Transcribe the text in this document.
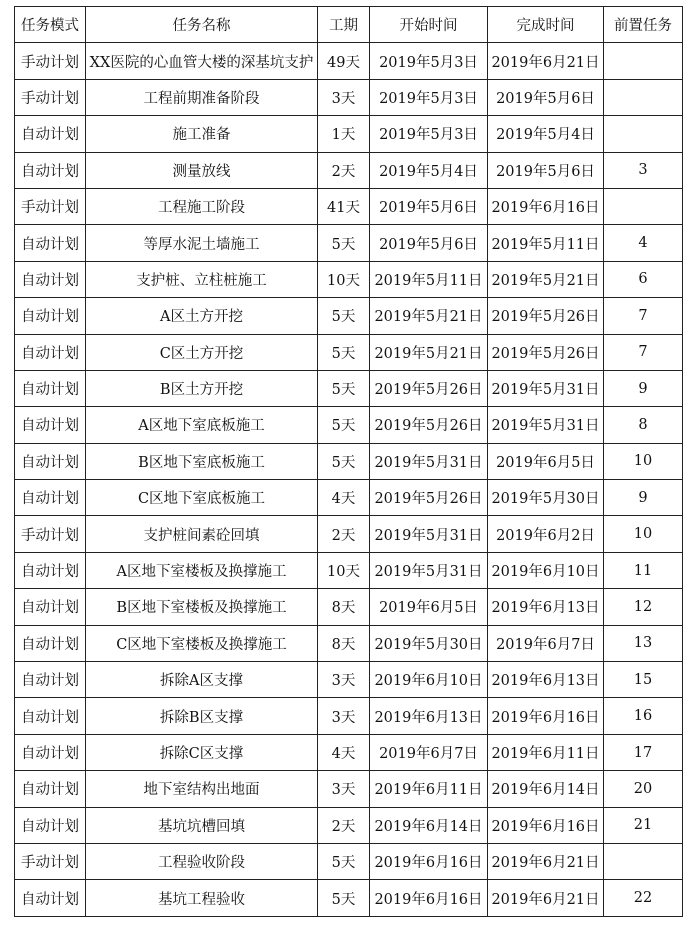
任务模式	任务名称	工期	开始时间	完成时间	前置任务
手动计划	XX医院的心血管大楼的深基坑支护	49天	2019年5月3日	2019年6月21日	
手动计划	工程前期准备阶段	3天	2019年5月3日	2019年5月6日	
自动计划	施工准备	1天	2019年5月3日	2019年5月4日	
自动计划	测量放线	2天	2019年5月4日	2019年5月6日	3
手动计划	工程施工阶段	41天	2019年5月6日	2019年6月16日	
自动计划	等厚水泥土墙施工	5天	2019年5月6日	2019年5月11日	4
自动计划	支护桩、立柱桩施工	10天	2019年5月11日	2019年5月21日	6
自动计划	A区土方开挖	5天	2019年5月21日	2019年5月26日	7
自动计划	C区土方开挖	5天	2019年5月21日	2019年5月26日	7
自动计划	B区土方开挖	5天	2019年5月26日	2019年5月31日	9
自动计划	A区地下室底板施工	5天	2019年5月26日	2019年5月31日	8
自动计划	B区地下室底板施工	5天	2019年5月31日	2019年6月5日	10
自动计划	C区地下室底板施工	4天	2019年5月26日	2019年5月30日	9
手动计划	支护桩间素砼回填	2天	2019年5月31日	2019年6月2日	10
自动计划	A区地下室楼板及换撑施工	10天	2019年5月31日	2019年6月10日	11
自动计划	B区地下室楼板及换撑施工	8天	2019年6月5日	2019年6月13日	12
自动计划	C区地下室楼板及换撑施工	8天	2019年5月30日	2019年6月7日	13
自动计划	拆除A区支撑	3天	2019年6月10日	2019年6月13日	15
自动计划	拆除B区支撑	3天	2019年6月13日	2019年6月16日	16
自动计划	拆除C区支撑	4天	2019年6月7日	2019年6月11日	17
自动计划	地下室结构出地面	3天	2019年6月11日	2019年6月14日	20
自动计划	基坑坑槽回填	2天	2019年6月14日	2019年6月16日	21
手动计划	工程验收阶段	5天	2019年6月16日	2019年6月21日	
自动计划	基坑工程验收	5天	2019年6月16日	2019年6月21日	22
